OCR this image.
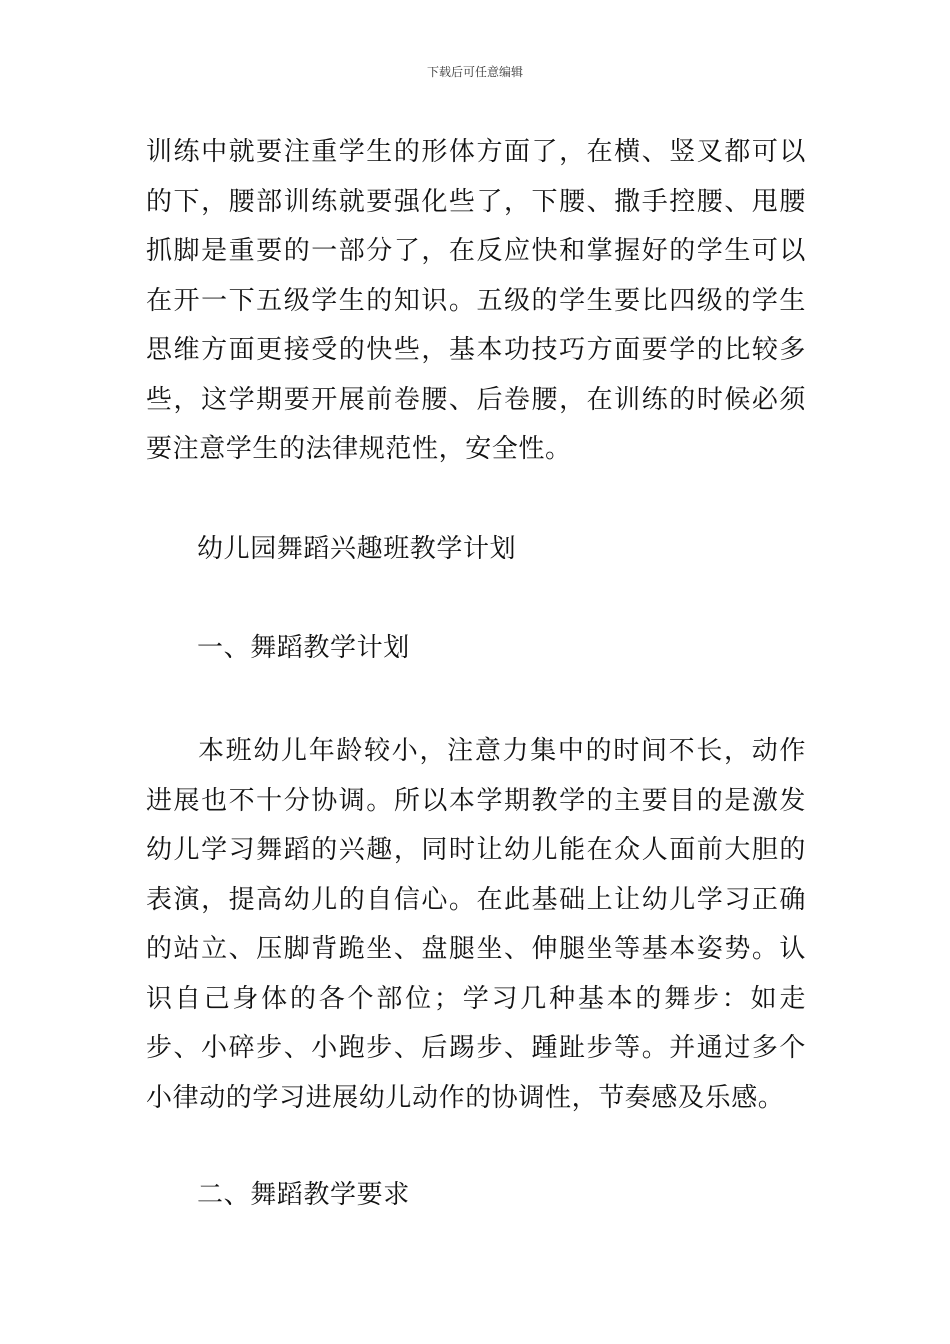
下载后可任意编辑

训练中就要注重学生的形体方面了，在横、竖叉都可以的下，腰部训练就要强化些了，下腰、撒手控腰、甩腰抓脚是重要的一部分了，在反应快和掌握好的学生可以在开一下五级学生的知识。五级的学生要比四级的学生思维方面更接受的快些，基本功技巧方面要学的比较多些，这学期要开展前卷腰、后卷腰，在训练的时候必须要注意学生的法律规范性，安全性。

幼儿园舞蹈兴趣班教学计划

一、舞蹈教学计划

本班幼儿年龄较小，注意力集中的时间不长，动作进展也不十分协调。所以本学期教学的主要目的是激发幼儿学习舞蹈的兴趣，同时让幼儿能在众人面前大胆的表演，提高幼儿的自信心。在此基础上让幼儿学习正确的站立、压脚背跪坐、盘腿坐、伸腿坐等基本姿势。认识自己身体的各个部位；学习几种基本的舞步：如走步、小碎步、小跑步、后踢步、踵趾步等。并通过多个小律动的学习进展幼儿动作的协调性，节奏感及乐感。

二、舞蹈教学要求
